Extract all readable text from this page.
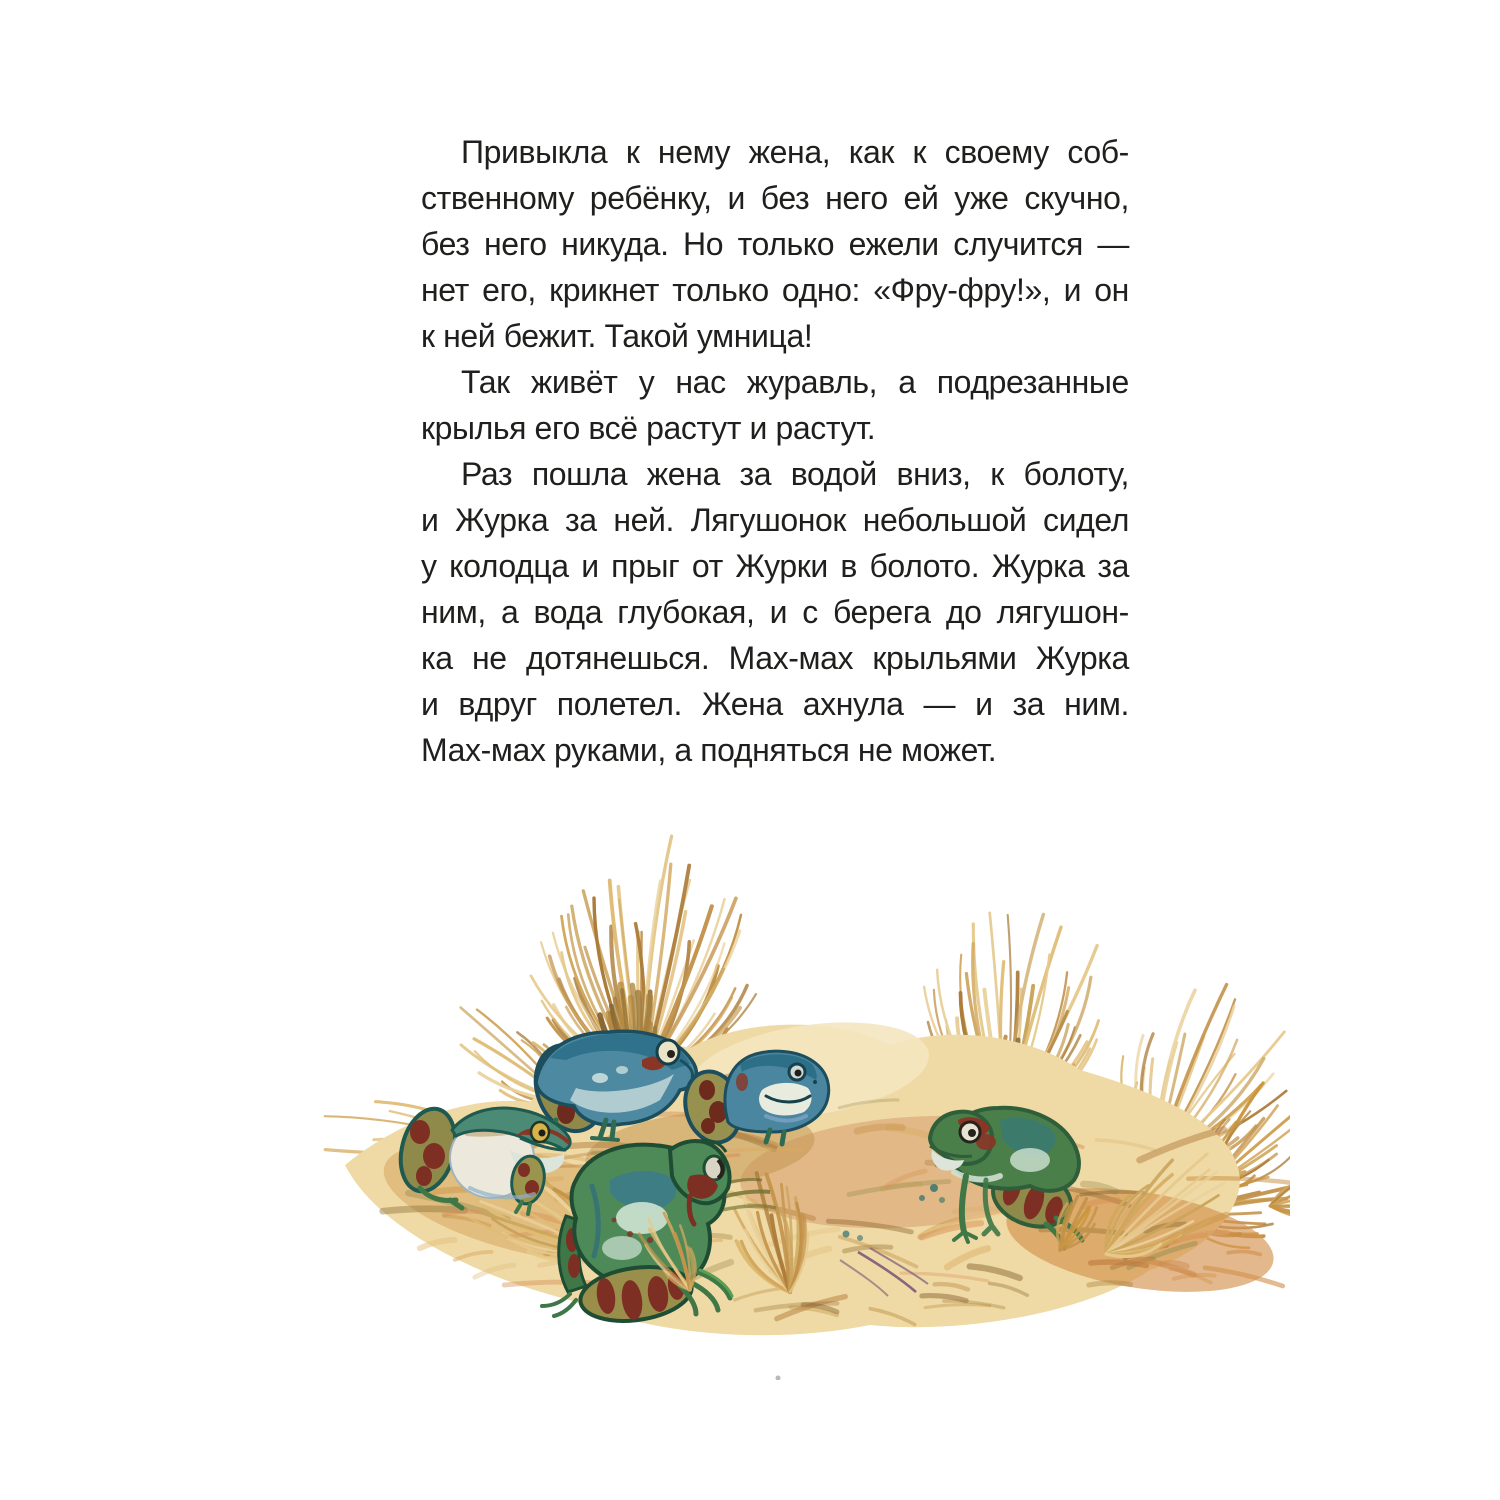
Привыкла к нему жена, как к своему соб-
ственному ребёнку, и без него ей уже скучно,
без него никуда. Но только ежели случится —
нет его, крикнет только одно: «Фру-фру!», и он
к ней бежит. Такой умница!
Так живёт у нас журавль, а подрезанные
крылья его всё растут и растут.
Раз пошла жена за водой вниз, к болоту,
и Журка за ней. Лягушонок небольшой сидел
у колодца и прыг от Журки в болото. Журка за
ним, а вода глубокая, и с берега до лягушон-
ка не дотянешься. Мах-мах крыльями Журка
и вдруг полетел. Жена ахнула — и за ним.
Мах-мах руками, а подняться не может.
